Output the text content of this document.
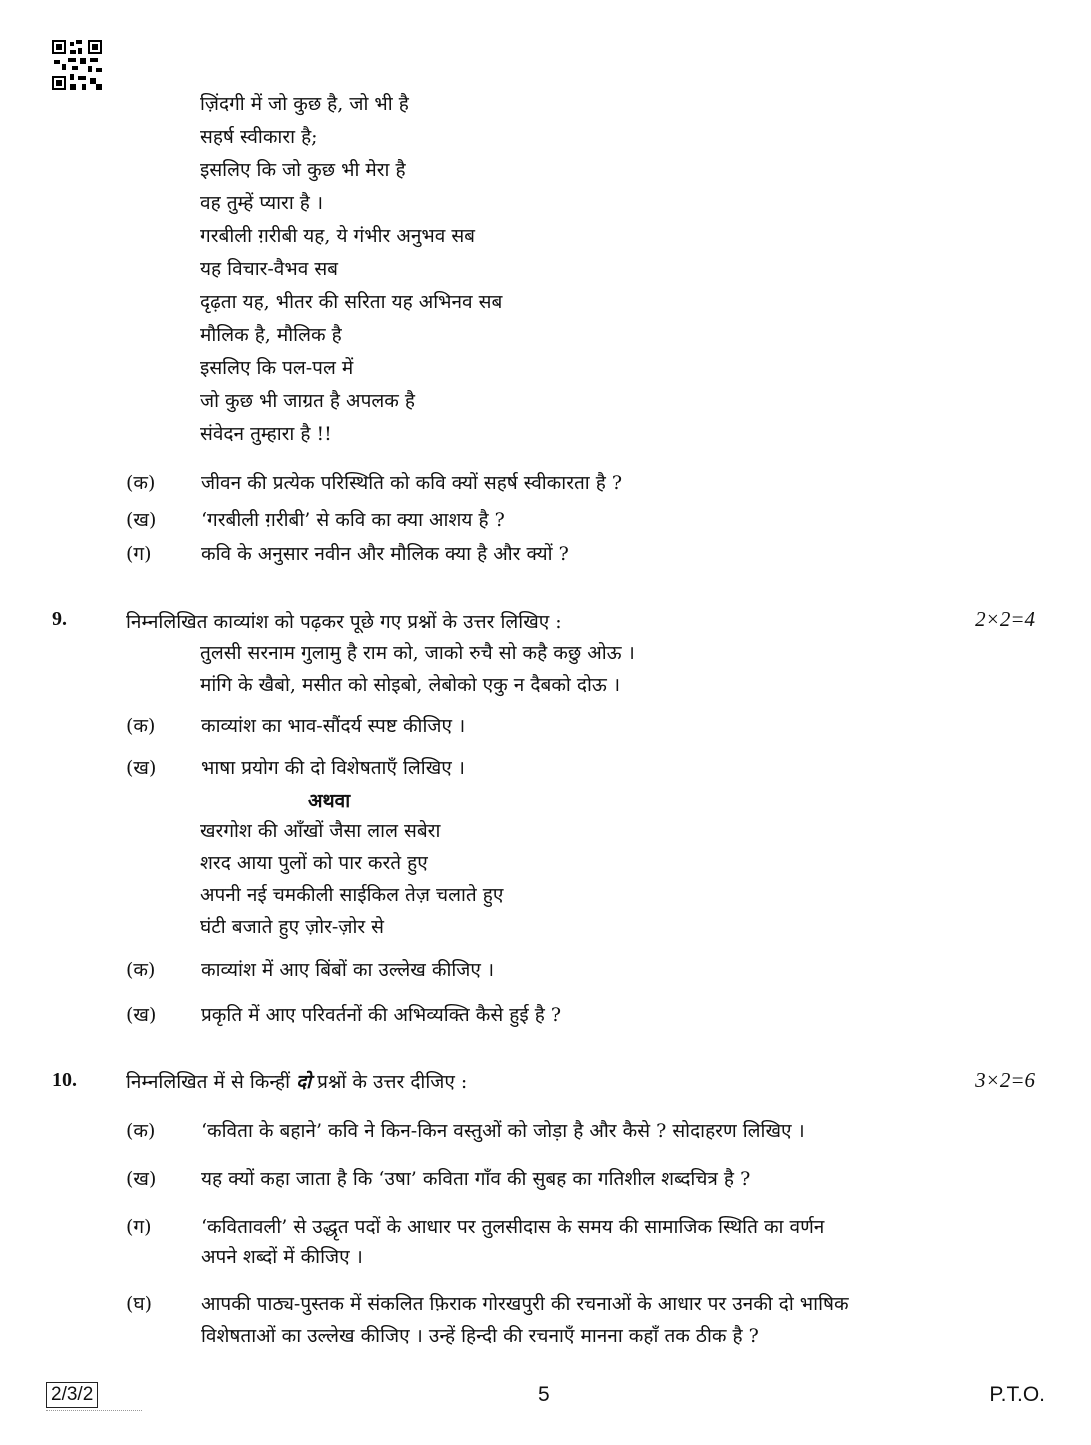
ज़िंदगी में जो कुछ है, जो भी है
सहर्ष स्वीकारा है;
इसलिए कि जो कुछ भी मेरा है
वह तुम्हें प्यारा है ।
गरबीली ग़रीबी यह, ये गंभीर अनुभव सब
यह विचार-वैभव सब
दृढ़ता यह, भीतर की सरिता यह अभिनव सब
मौलिक है, मौलिक है
इसलिए कि पल-पल में
जो कुछ भी जाग्रत है अपलक है
संवेदन तुम्हारा है !!
(क) जीवन की प्रत्येक परिस्थिति को कवि क्यों सहर्ष स्वीकारता है ?
(ख) ‘गरबीली ग़रीबी’ से कवि का क्या आशय है ?
(ग)	कवि के अनुसार नवीन और मौलिक क्या है और क्यों ?
9.	निम्नलिखित काव्यांश को पढ़कर पूछे गए प्रश्नों के उत्तर लिखिए :	2×2=4
तुलसी सरनाम गुलामु है राम को, जाको रुचै सो कहै कछु ओऊ ।
मांगि के खैबो, मसीत को सोइबो, लेबोको एकु न दैबको दोऊ ।
(क) काव्यांश का भाव-सौंदर्य स्पष्ट कीजिए ।
(ख) भाषा प्रयोग की दो विशेषताएँ लिखिए ।
अथवा
खरगोश की आँखों जैसा लाल सबेरा
शरद आया पुलों को पार करते हुए
अपनी नई चमकीली साईकिल तेज़ चलाते हुए
घंटी बजाते हुए ज़ोर-ज़ोर से
(क) काव्यांश में आए बिंबों का उल्लेख कीजिए ।
(ख) प्रकृति में आए परिवर्तनों की अभिव्यक्ति कैसे हुई है ?
10.	निम्नलिखित में से किन्हीं दो प्रश्नों के उत्तर दीजिए :	3×2=6
(क) ‘कविता के बहाने’ कवि ने किन-किन वस्तुओं को जोड़ा है और कैसे ? सोदाहरण लिखिए ।
(ख) यह क्यों कहा जाता है कि ‘उषा’ कविता गाँव की सुबह का गतिशील शब्दचित्र है ?
(ग)	‘कवितावली’ से उद्धृत पदों के आधार पर तुलसीदास के समय की सामाजिक स्थिति का वर्णन
अपने शब्दों में कीजिए ।
(घ)	आपकी पाठ्य-पुस्तक में संकलित फ़िराक गोरखपुरी की रचनाओं के आधार पर उनकी दो भाषिक
विशेषताओं का उल्लेख कीजिए । उन्हें हिन्दी की रचनाएँ मानना कहाँ तक ठीक है ?
2/3/2	5	P.T.O.
